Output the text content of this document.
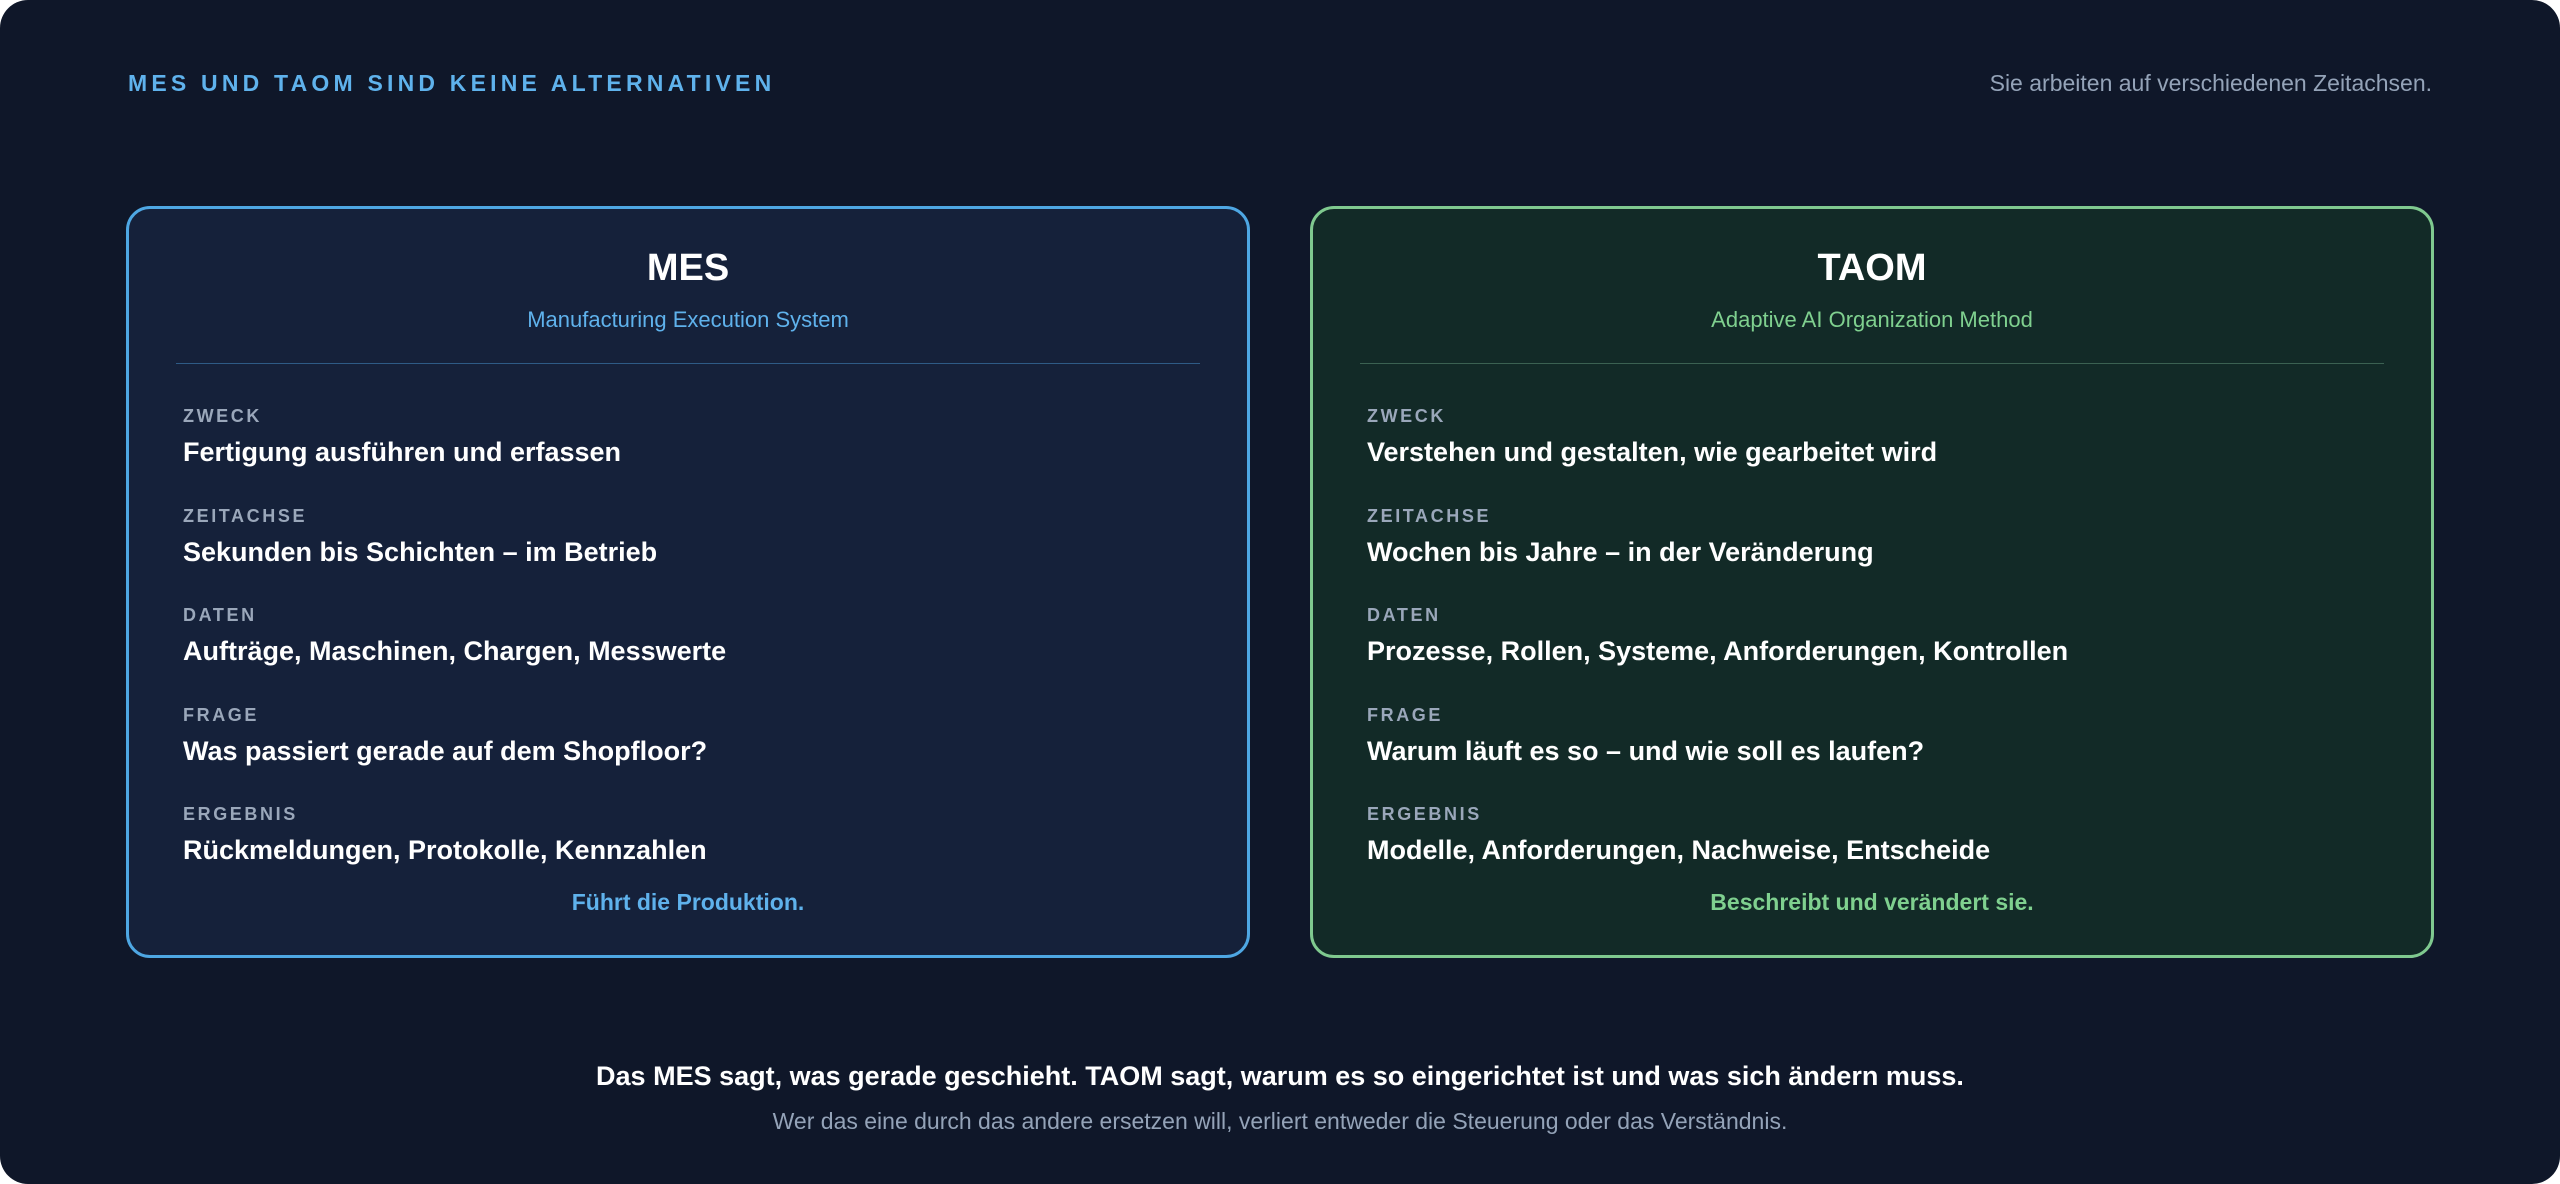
MES UND TAOM SIND KEINE ALTERNATIVEN	Sie arbeiten auf verschiedenen Zeitachsen.

MES
Manufacturing Execution System
ZWECK
Fertigung ausführen und erfassen
ZEITACHSE
Sekunden bis Schichten – im Betrieb
DATEN
Aufträge, Maschinen, Chargen, Messwerte
FRAGE
Was passiert gerade auf dem Shopfloor?
ERGEBNIS
Rückmeldungen, Protokolle, Kennzahlen
Führt die Produktion.
TAOM
Adaptive AI Organization Method
ZWECK
Verstehen und gestalten, wie gearbeitet wird
ZEITACHSE
Wochen bis Jahre – in der Veränderung
DATEN
Prozesse, Rollen, Systeme, Anforderungen, Kontrollen
FRAGE
Warum läuft es so – und wie soll es laufen?
ERGEBNIS
Modelle, Anforderungen, Nachweise, Entscheide
Beschreibt und verändert sie.

Das MES sagt, was gerade geschieht. TAOM sagt, warum es so eingerichtet ist und was sich ändern muss.

Wer das eine durch das andere ersetzen will, verliert entweder die Steuerung oder das Verständnis.
